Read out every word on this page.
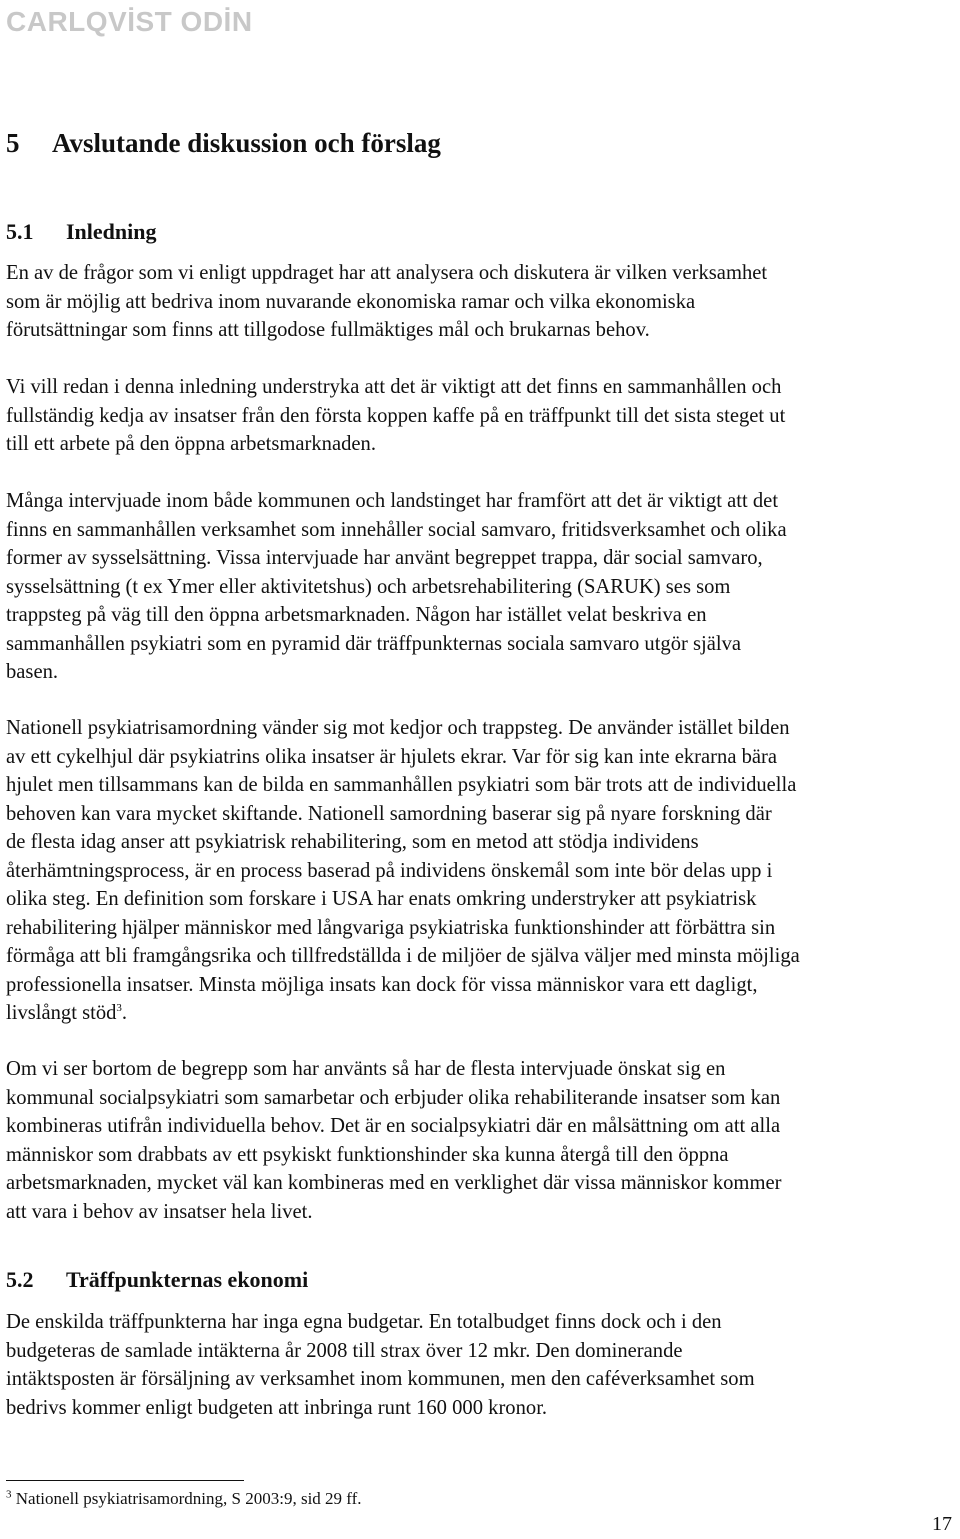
CARLQVİST ODİN
5 Avslutande diskussion och förslag
5.1 Inledning
En av de frågor som vi enligt uppdraget har att analysera och diskutera är vilken verksamhet
som är möjlig att bedriva inom nuvarande ekonomiska ramar och vilka ekonomiska
förutsättningar som finns att tillgodose fullmäktiges mål och brukarnas behov.
Vi vill redan i denna inledning understryka att det är viktigt att det finns en sammanhållen och
fullständig kedja av insatser från den första koppen kaffe på en träffpunkt till det sista steget ut
till ett arbete på den öppna arbetsmarknaden.
Många intervjuade inom både kommunen och landstinget har framfört att det är viktigt att det
finns en sammanhållen verksamhet som innehåller social samvaro, fritidsverksamhet och olika
former av sysselsättning. Vissa intervjuade har använt begreppet trappa, där social samvaro,
sysselsättning (t ex Ymer eller aktivitetshus) och arbetsrehabilitering (SARUK) ses som
trappsteg på väg till den öppna arbetsmarknaden. Någon har istället velat beskriva en
sammanhållen psykiatri som en pyramid där träffpunkternas sociala samvaro utgör själva
basen.
Nationell psykiatrisamordning vänder sig mot kedjor och trappsteg. De använder istället bilden
av ett cykelhjul där psykiatrins olika insatser är hjulets ekrar. Var för sig kan inte ekrarna bära
hjulet men tillsammans kan de bilda en sammanhållen psykiatri som bär trots att de individuella
behoven kan vara mycket skiftande. Nationell samordning baserar sig på nyare forskning där
de flesta idag anser att psykiatrisk rehabilitering, som en metod att stödja individens
återhämtningsprocess, är en process baserad på individens önskemål som inte bör delas upp i
olika steg. En definition som forskare i USA har enats omkring understryker att psykiatrisk
rehabilitering hjälper människor med långvariga psykiatriska funktionshinder att förbättra sin
förmåga att bli framgångsrika och tillfredställda i de miljöer de själva väljer med minsta möjliga
professionella insatser. Minsta möjliga insats kan dock för vissa människor vara ett dagligt,
livslångt stöd$^3$.
Om vi ser bortom de begrepp som har använts så har de flesta intervjuade önskat sig en
kommunal socialpsykiatri som samarbetar och erbjuder olika rehabiliterande insatser som kan
kombineras utifrån individuella behov. Det är en socialpsykiatri där en målsättning om att alla
människor som drabbats av ett psykiskt funktionshinder ska kunna återgå till den öppna
arbetsmarknaden, mycket väl kan kombineras med en verklighet där vissa människor kommer
att vara i behov av insatser hela livet.
5.2 Träffpunkternas ekonomi
De enskilda träffpunkterna har inga egna budgetar. En totalbudget finns dock och i den
budgeteras de samlade intäkterna år 2008 till strax över 12 mkr. Den dominerande
intäktsposten är försäljning av verksamhet inom kommunen, men den caféverksamhet som
bedrivs kommer enligt budgeten att inbringa runt 160 000 kronor.
$^3$ Nationell psykiatrisamordning, S 2003:9, sid 29 ff.
17
